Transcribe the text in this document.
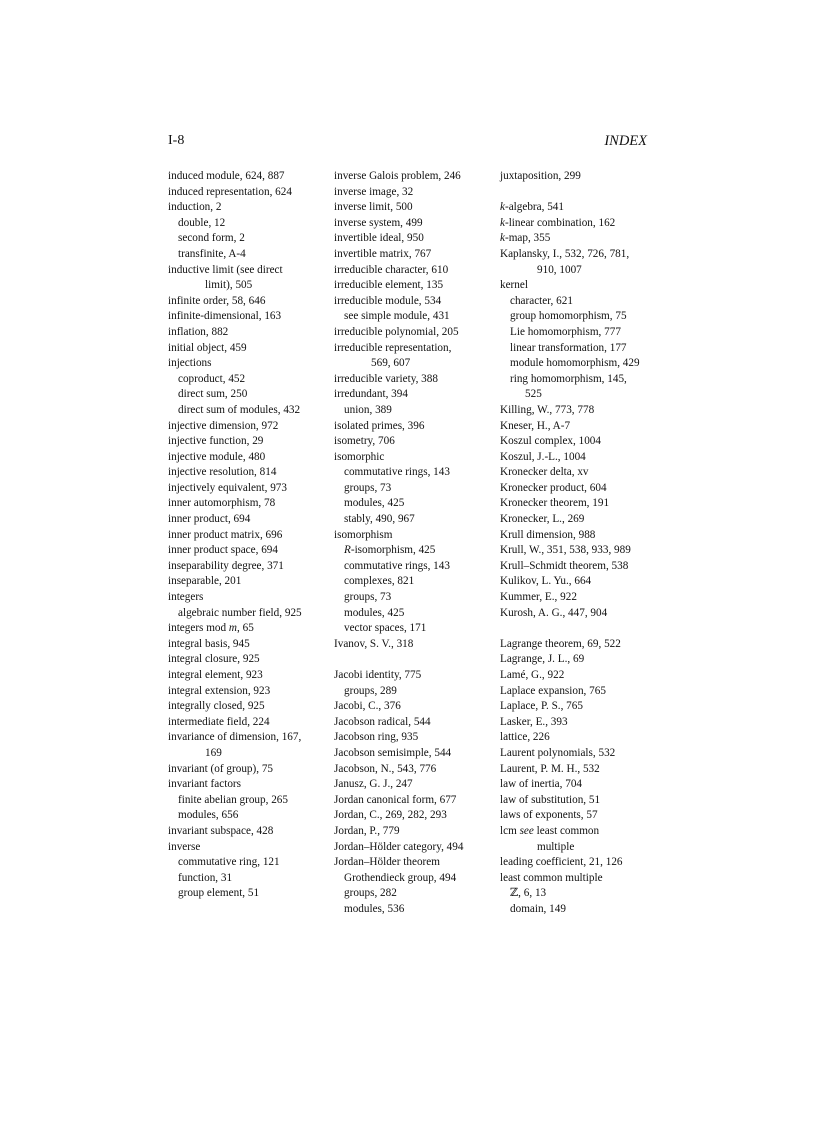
I-8	INDEX
induced module, 624, 887
induced representation, 624
induction, 2
double, 12
second form, 2
transfinite, A-4
inductive limit (see direct
limit), 505
infinite order, 58, 646
infinite-dimensional, 163
inflation, 882
initial object, 459
injections
coproduct, 452
direct sum, 250
direct sum of modules, 432
injective dimension, 972
injective function, 29
injective module, 480
injective resolution, 814
injectively equivalent, 973
inner automorphism, 78
inner product, 694
inner product matrix, 696
inner product space, 694
inseparability degree, 371
inseparable, 201
integers
algebraic number field, 925
integers mod m, 65
integral basis, 945
integral closure, 925
integral element, 923
integral extension, 923
integrally closed, 925
intermediate field, 224
invariance of dimension, 167,
169
invariant (of group), 75
invariant factors
finite abelian group, 265
modules, 656
invariant subspace, 428
inverse
commutative ring, 121
function, 31
group element, 51
inverse Galois problem, 246
inverse image, 32
inverse limit, 500
inverse system, 499
invertible ideal, 950
invertible matrix, 767
irreducible character, 610
irreducible element, 135
irreducible module, 534
see simple module, 431
irreducible polynomial, 205
irreducible representation,
569, 607
irreducible variety, 388
irredundant, 394
union, 389
isolated primes, 396
isometry, 706
isomorphic
commutative rings, 143
groups, 73
modules, 425
stably, 490, 967
isomorphism
R-isomorphism, 425
commutative rings, 143
complexes, 821
groups, 73
modules, 425
vector spaces, 171
Ivanov, S. V., 318
Jacobi identity, 775
groups, 289
Jacobi, C., 376
Jacobson radical, 544
Jacobson ring, 935
Jacobson semisimple, 544
Jacobson, N., 543, 776
Janusz, G. J., 247
Jordan canonical form, 677
Jordan, C., 269, 282, 293
Jordan, P., 779
Jordan–Hölder category, 494
Jordan–Hölder theorem
Grothendieck group, 494
groups, 282
modules, 536
juxtaposition, 299
k-algebra, 541
k-linear combination, 162
k-map, 355
Kaplansky, I., 532, 726, 781,
910, 1007
kernel
character, 621
group homomorphism, 75
Lie homomorphism, 777
linear transformation, 177
module homomorphism, 429
ring homomorphism, 145,
525
Killing, W., 773, 778
Kneser, H., A-7
Koszul complex, 1004
Koszul, J.-L., 1004
Kronecker delta, xv
Kronecker product, 604
Kronecker theorem, 191
Kronecker, L., 269
Krull dimension, 988
Krull, W., 351, 538, 933, 989
Krull–Schmidt theorem, 538
Kulikov, L. Yu., 664
Kummer, E., 922
Kurosh, A. G., 447, 904
Lagrange theorem, 69, 522
Lagrange, J. L., 69
Lamé, G., 922
Laplace expansion, 765
Laplace, P. S., 765
Lasker, E., 393
lattice, 226
Laurent polynomials, 532
Laurent, P. M. H., 532
law of inertia, 704
law of substitution, 51
laws of exponents, 57
lcm see least common
multiple
leading coefficient, 21, 126
least common multiple
ℤ, 6, 13
domain, 149
